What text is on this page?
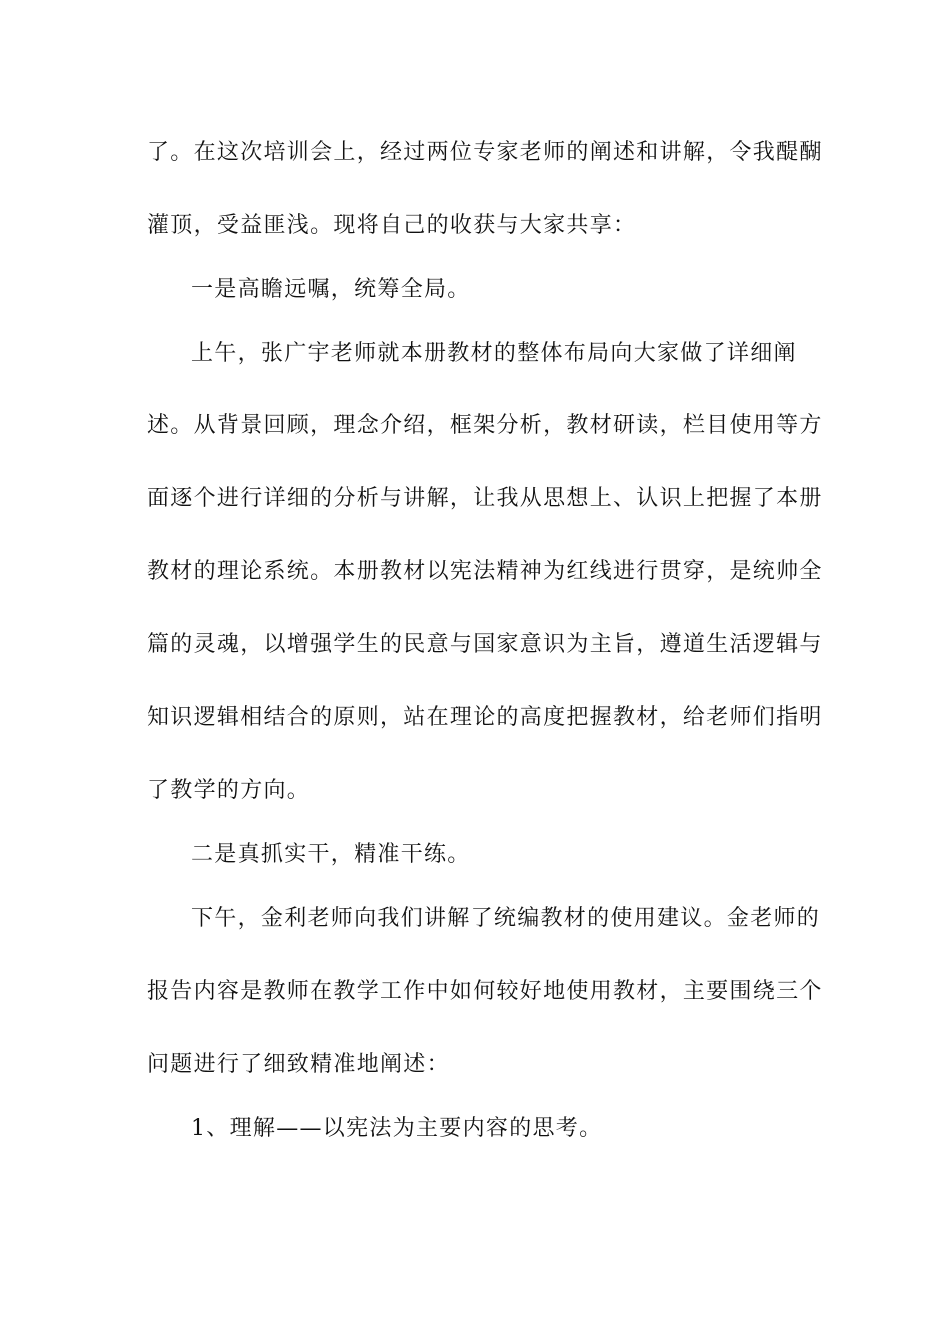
了。在这次培训会上，经过两位专家老师的阐述和讲解，令我醍醐
灌顶，受益匪浅。现将自己的收获与大家共享：
一是高瞻远嘱，统筹全局。
上午，张广宇老师就本册教材的整体布局向大家做了详细阐
述。从背景回顾，理念介绍，框架分析，教材研读，栏目使用等方
面逐个进行详细的分析与讲解，让我从思想上、认识上把握了本册
教材的理论系统。本册教材以宪法精神为红线进行贯穿，是统帅全
篇的灵魂，以增强学生的民意与国家意识为主旨，遵道生活逻辑与
知识逻辑相结合的原则，站在理论的高度把握教材，给老师们指明
了教学的方向。
二是真抓实干，精准干练。
下午，金利老师向我们讲解了统编教材的使用建议。金老师的
报告内容是教师在教学工作中如何较好地使用教材，主要围绕三个
问题进行了细致精准地阐述：
1、理解——以宪法为主要内容的思考。
